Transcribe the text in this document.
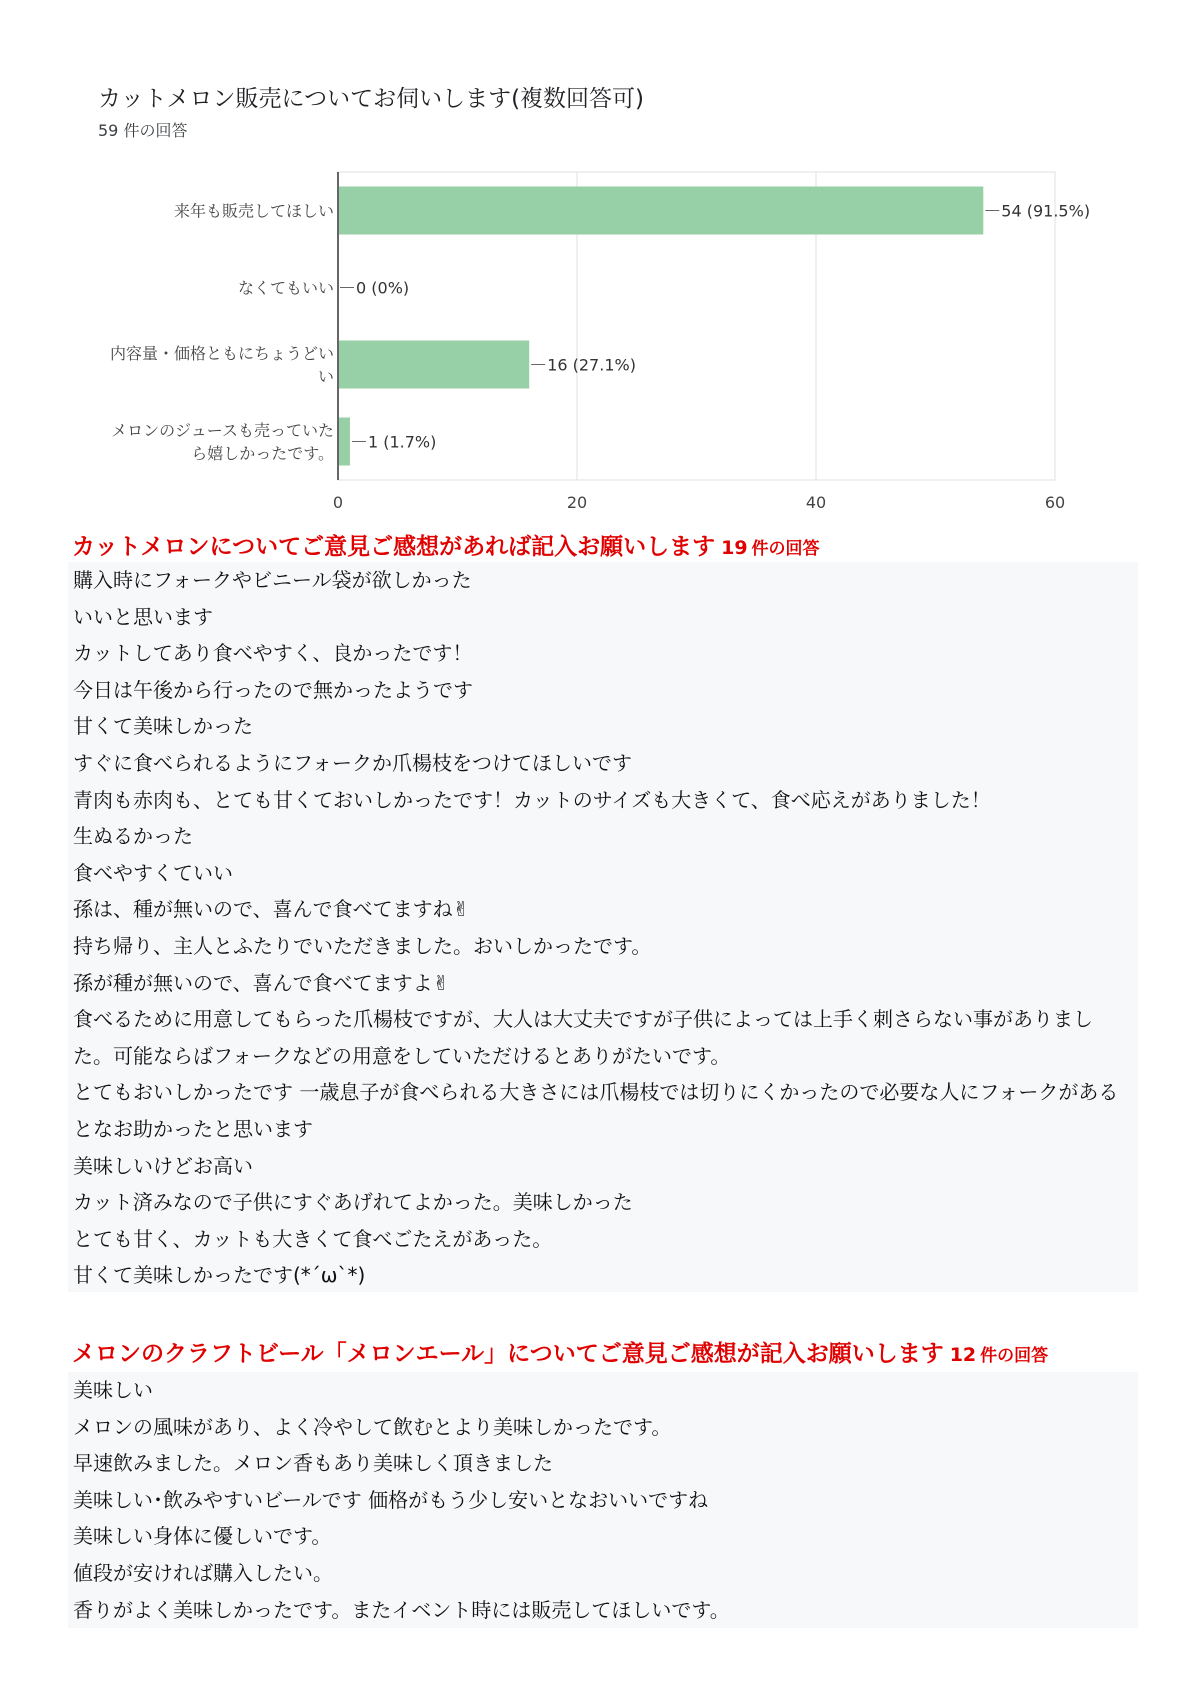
カットメロン販売についてお伺いします(複数回答可)
59 件の回答
0	20	40	60
54 (91.5%)
来年も販売してほしい
0 (0%)
なくてもいい
16 (27.1%)
内容量・価格ともにちょうどい
い
1 (1.7%)
メロンのジュースも売っていた
ら嬉しかったです。
カットメロンについてご意見ご感想があれば記入お願いします 19 件の回答
購入時にフォークやビニール袋が欲しかった
いいと思います
カットしてあり食べやすく、良かったです！
今日は午後から行ったので無かったようです
甘くて美味しかった
すぐに食べられるようにフォークか爪楊枝をつけてほしいです
青肉も赤肉も、とても甘くておいしかったです！カットのサイズも大きくて、食べ応えがありました！
生ぬるかった
食べやすくていい
孫は、種が無いので、喜んで食べてますね✌
持ち帰り、主人とふたりでいただきました。おいしかったです。
孫が種が無いので、喜んで食べてますよ✌
食べるために用意してもらった爪楊枝ですが、大人は大丈夫ですが子供によっては上手く刺さらない事がありました。可能ならばフォークなどの用意をしていただけるとありがたいです。
とてもおいしかったです 一歳息子が食べられる大きさには爪楊枝では切りにくかったので必要な人にフォークがあるとなお助かったと思います
美味しいけどお高い
カット済みなので子供にすぐあげれてよかった。美味しかった
とても甘く、カットも大きくて食べごたえがあった。
甘くて美味しかったです(*´ω`*)
メロンのクラフトビール「メロンエール」についてご意見ご感想が記入お願いします 12 件の回答
美味しい
メロンの風味があり、よく冷やして飲むとより美味しかったです。
早速飲みました。メロン香もあり美味しく頂きました
美味しい･飲みやすいビールです 価格がもう少し安いとなおいいですね
美味しい身体に優しいです。
値段が安ければ購入したい。
香りがよく美味しかったです。またイベント時には販売してほしいです。
